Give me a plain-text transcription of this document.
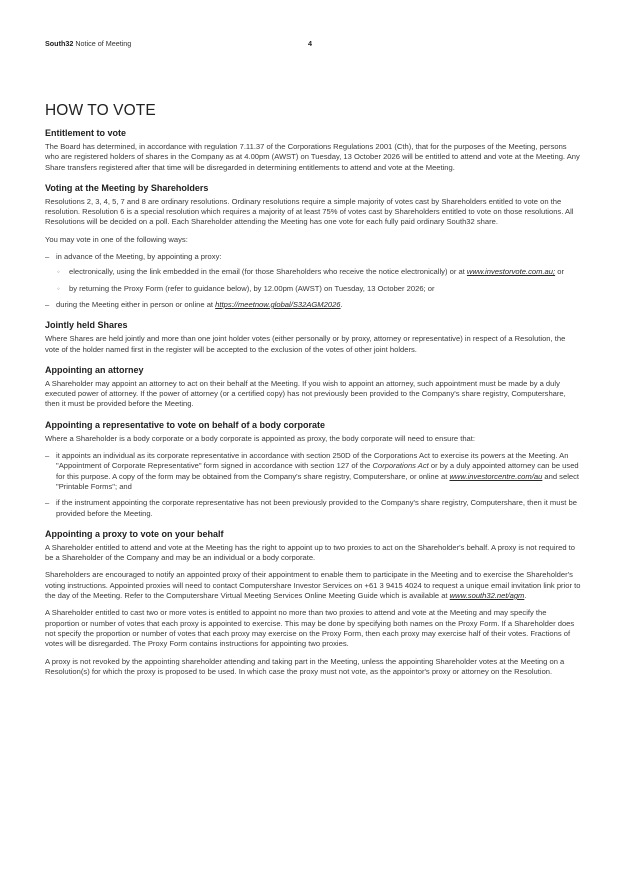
South32 Notice of Meeting	4
HOW TO VOTE
Entitlement to vote

The Board has determined, in accordance with regulation 7.11.37 of the Corporations Regulations 2001 (Cth), that for the purposes of the Meeting, persons who are registered holders of shares in the Company as at 4.00pm (AWST) on Tuesday, 13 October 2026 will be entitled to attend and vote at the Meeting. Any Share transfers registered after that time will be disregarded in determining entitlements to attend and vote at the Meeting.

Voting at the Meeting by Shareholders

Resolutions 2, 3, 4, 5, 7 and 8 are ordinary resolutions. Ordinary resolutions require a simple majority of votes cast by Shareholders entitled to vote on the resolution. Resolution 6 is a special resolution which requires a majority of at least 75% of votes cast by Shareholders entitled to vote on those resolutions. All Resolutions will be decided on a poll. Each Shareholder attending the Meeting has one vote for each fully paid ordinary South32 share.

You may vote in one of the following ways:

– in advance of the Meeting, by appointing a proxy:
◦ electronically, using the link embedded in the email (for those Shareholders who receive the notice electronically) or at www.investorvote.com.au; or
◦ by returning the Proxy Form (refer to guidance below), by 12.00pm (AWST) on Tuesday, 13 October 2026; or
– during the Meeting either in person or online at https://meetnow.global/S32AGM2026.
Jointly held Shares

Where Shares are held jointly and more than one joint holder votes (either personally or by proxy, attorney or representative) in respect of a Resolution, the vote of the holder named first in the register will be accepted to the exclusion of the votes of other joint holders.

Appointing an attorney

A Shareholder may appoint an attorney to act on their behalf at the Meeting. If you wish to appoint an attorney, such appointment must be made by a duly executed power of attorney. If the power of attorney (or a certified copy) has not previously been provided to the Company's share registry, Computershare, then it must be provided before the Meeting.

Appointing a representative to vote on behalf of a body corporate

Where a Shareholder is a body corporate or a body corporate is appointed as proxy, the body corporate will need to ensure that:

– it appoints an individual as its corporate representative in accordance with section 250D of the Corporations Act to exercise its powers at the Meeting. An "Appointment of Corporate Representative" form signed in accordance with section 127 of the Corporations Act or by a duly appointed attorney can be used for this purpose. A copy of the form may be obtained from the Company's share registry, Computershare, or online at www.investorcentre.com/au and select "Printable Forms"; and
– if the instrument appointing the corporate representative has not been previously provided to the Company's share registry, Computershare, then it must be provided before the Meeting.
Appointing a proxy to vote on your behalf

A Shareholder entitled to attend and vote at the Meeting has the right to appoint up to two proxies to act on the Shareholder's behalf. A proxy is not required to be a Shareholder of the Company and may be an individual or a body corporate.

Shareholders are encouraged to notify an appointed proxy of their appointment to enable them to participate in the Meeting and to exercise the Shareholder's voting instructions. Appointed proxies will need to contact Computershare Investor Services on +61 3 9415 4024 to request a unique email invitation link prior to the day of the Meeting. Refer to the Computershare Virtual Meeting Services Online Meeting Guide which is available at www.south32.net/agm.

A Shareholder entitled to cast two or more votes is entitled to appoint no more than two proxies to attend and vote at the Meeting and may specify the proportion or number of votes that each proxy is appointed to exercise. This may be done by specifying both names on the Proxy Form. If a Shareholder does not specify the proportion or number of votes that each proxy may exercise on the Proxy Form, then each proxy may exercise half of their votes. Fractions of votes will be disregarded. The Proxy Form contains instructions for appointing two proxies.

A proxy is not revoked by the appointing shareholder attending and taking part in the Meeting, unless the appointing Shareholder votes at the Meeting on a Resolution(s) for which the proxy is proposed to be used. In which case the proxy must not vote, as the appointor's proxy or attorney on the Resolution.
